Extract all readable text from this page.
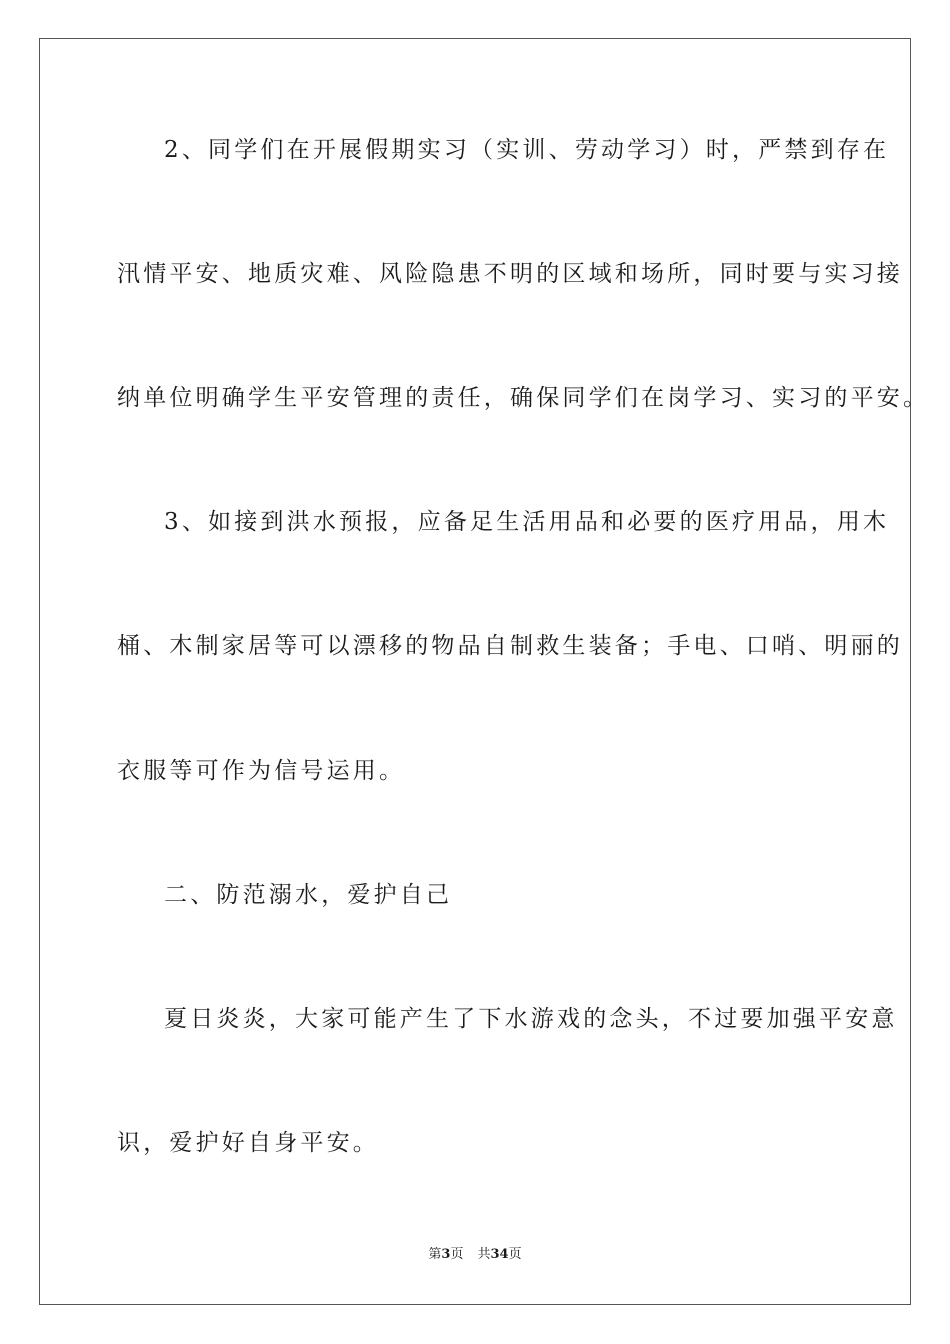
2、同学们在开展假期实习（实训、劳动学习）时，严禁到存在
汛情平安、地质灾难、风险隐患不明的区域和场所，同时要与实习接
纳单位明确学生平安管理的责任，确保同学们在岗学习、实习的平安。
3、如接到洪水预报，应备足生活用品和必要的医疗用品，用木
桶、木制家居等可以漂移的物品自制救生装备；手电、口哨、明丽的
衣服等可作为信号运用。
二、防范溺水，爱护自己
夏日炎炎，大家可能产生了下水游戏的念头，不过要加强平安意
识，爱护好自身平安。
第3页 共34页
